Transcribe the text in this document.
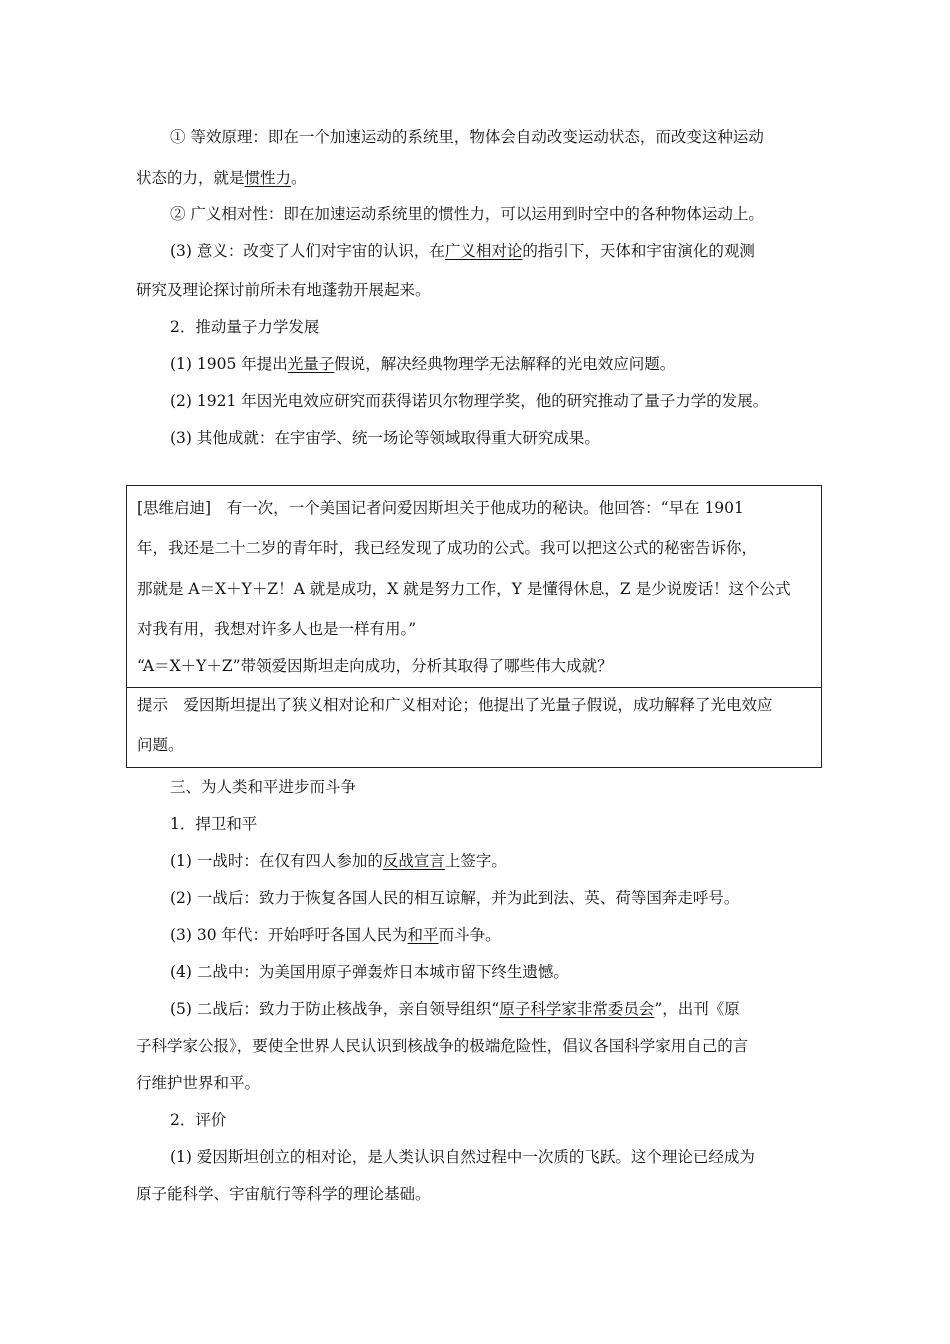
① 等效原理：即在一个加速运动的系统里，物体会自动改变运动状态，而改变这种运动
状态的力，就是惯性力。
② 广义相对性：即在加速运动系统里的惯性力，可以运用到时空中的各种物体运动上。
(3) 意义：改变了人们对宇宙的认识，在广义相对论的指引下，天体和宇宙演化的观测
研究及理论探讨前所未有地蓬勃开展起来。
2．推动量子力学发展
(1) 1905 年提出光量子假说，解决经典物理学无法解释的光电效应问题。
(2) 1921 年因光电效应研究而获得诺贝尔物理学奖，他的研究推动了量子力学的发展。
(3) 其他成就：在宇宙学、统一场论等领域取得重大研究成果。
[思维启迪]　有一次，一个美国记者问爱因斯坦关于他成功的秘诀。他回答：“早在 1901
年，我还是二十二岁的青年时，我已经发现了成功的公式。我可以把这公式的秘密告诉你，
那就是 A＝X＋Y＋Z！A 就是成功，X 就是努力工作，Y 是懂得休息，Z 是少说废话！这个公式
对我有用，我想对许多人也是一样有用。”
“A＝X＋Y＋Z”带领爱因斯坦走向成功，分析其取得了哪些伟大成就？
提示　爱因斯坦提出了狭义相对论和广义相对论；他提出了光量子假说，成功解释了光电效应
问题。
三、为人类和平进步而斗争
1．捍卫和平
(1) 一战时：在仅有四人参加的反战宣言上签字。
(2) 一战后：致力于恢复各国人民的相互谅解，并为此到法、英、荷等国奔走呼号。
(3) 30 年代：开始呼吁各国人民为和平而斗争。
(4) 二战中：为美国用原子弹轰炸日本城市留下终生遗憾。
(5) 二战后：致力于防止核战争，亲自领导组织“原子科学家非常委员会”，出刊《原
子科学家公报》，要使全世界人民认识到核战争的极端危险性，倡议各国科学家用自己的言
行维护世界和平。
2．评价
(1) 爱因斯坦创立的相对论，是人类认识自然过程中一次质的飞跃。这个理论已经成为
原子能科学、宇宙航行等科学的理论基础。
